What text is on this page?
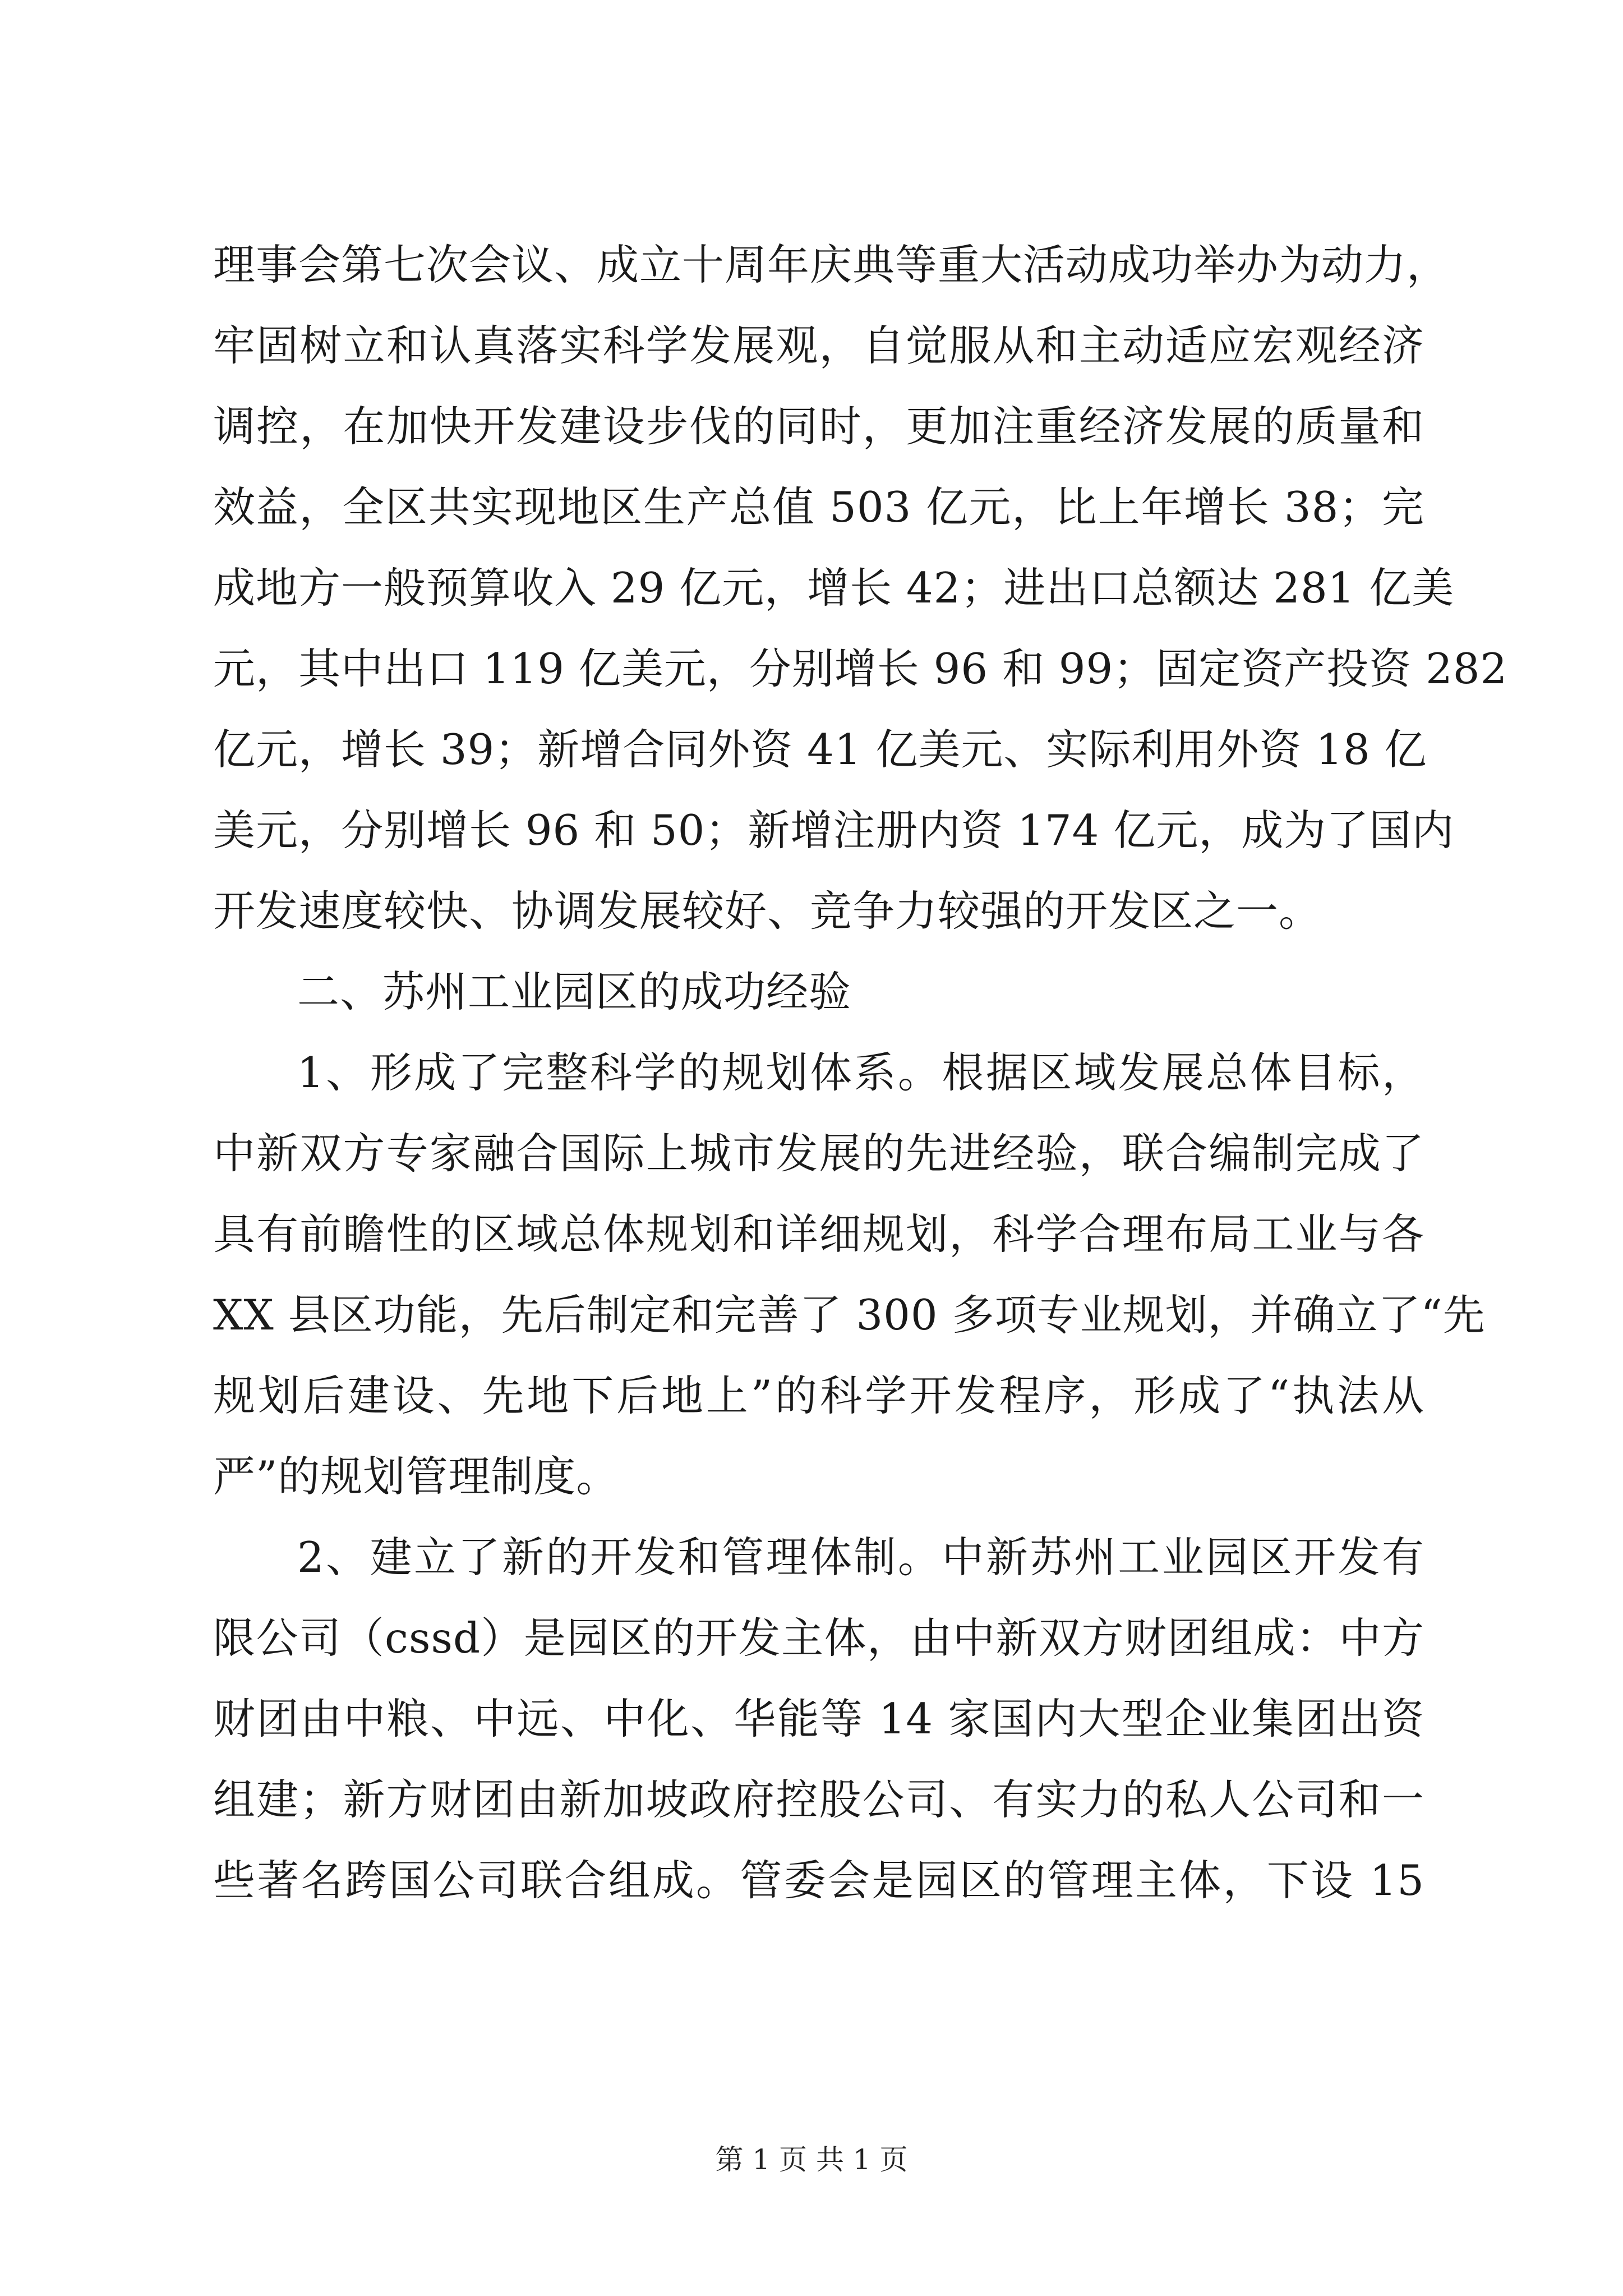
理事会第七次会议、成立十周年庆典等重大活动成功举办为动力，
牢固树立和认真落实科学发展观，自觉服从和主动适应宏观经济
调控，在加快开发建设步伐的同时，更加注重经济发展的质量和
效益，全区共实现地区生产总值 503 亿元，比上年增长 38；完
成地方一般预算收入 29 亿元，增长 42；进出口总额达 281 亿美
元，其中出口 119 亿美元，分别增长 96 和 99；固定资产投资 282
亿元，增长 39；新增合同外资 41 亿美元、实际利用外资 18 亿
美元，分别增长 96 和 50；新增注册内资 174 亿元，成为了国内
开发速度较快、协调发展较好、竞争力较强的开发区之一。
二、苏州工业园区的成功经验
1、形成了完整科学的规划体系。根据区域发展总体目标，
中新双方专家融合国际上城市发展的先进经验，联合编制完成了
具有前瞻性的区域总体规划和详细规划，科学合理布局工业与各
XX 县区功能，先后制定和完善了 300 多项专业规划，并确立了“先
规划后建设、先地下后地上”的科学开发程序，形成了“执法从
严”的规划管理制度。
2、建立了新的开发和管理体制。中新苏州工业园区开发有
限公司（cssd）是园区的开发主体，由中新双方财团组成：中方
财团由中粮、中远、中化、华能等 14 家国内大型企业集团出资
组建；新方财团由新加坡政府控股公司、有实力的私人公司和一
些著名跨国公司联合组成。管委会是园区的管理主体，下设 15
第 1 页 共 1 页
